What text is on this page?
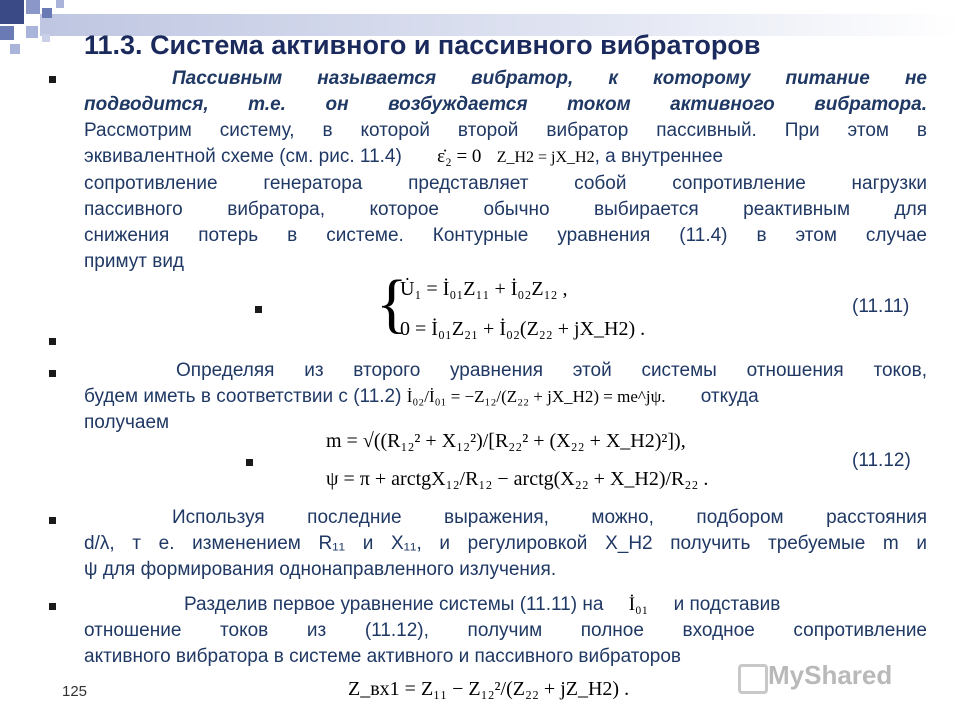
11.3. Система активного и пассивного вибраторов
Пассивным называется вибратор, к которому питание не
подводится, т.е. он возбуждается током активного вибратора.
Рассмотрим систему, в которой второй вибратор пассивный. При этом в
эквивалентной схеме (см. рис. 11.4) ε̇₂ = 0 Z_H2 = jX_H2, а внутреннее
сопротивление генератора представляет собой сопротивление нагрузки
пассивного вибратора, которое обычно выбирается реактивным для
снижения потерь в системе. Контурные уравнения (11.4) в этом случае
примут вид
{
U̇₁ = İ₀₁Z₁₁ + İ₀₂Z₁₂ ,
0 = İ₀₁Z₂₁ + İ₀₂(Z₂₂ + jX_H2) .
(11.11)
Определяя из второго уравнения этой системы отношения токов,
будем иметь в соответствии с (11.2) İ₀₂/İ₀₁ = −Z₁₂/(Z₂₂ + jX_H2) = me^jψ. откуда
получаем
m = √((R₁₂² + X₁₂²)/[R₂₂² + (X₂₂ + X_H2)²]),
ψ = π + arctgX₁₂/R₁₂ − arctg(X₂₂ + X_H2)/R₂₂ .
(11.12)
Используя последние выражения, можно, подбором расстояния
d/λ, т е. изменением R₁₁ и X₁₁, и регулировкой X_H2 получить требуемые m и
ψ для формирования однонаправленного излучения.
Разделив первое уравнение системы (11.11) на İ₀₁ и подставив
отношение токов из (11.12), получим полное входное сопротивление
активного вибратора в системе активного и пассивного вибраторов
Z_вх1 = Z₁₁ − Z₁₂²/(Z₂₂ + jZ_H2) .
125
MyShared
